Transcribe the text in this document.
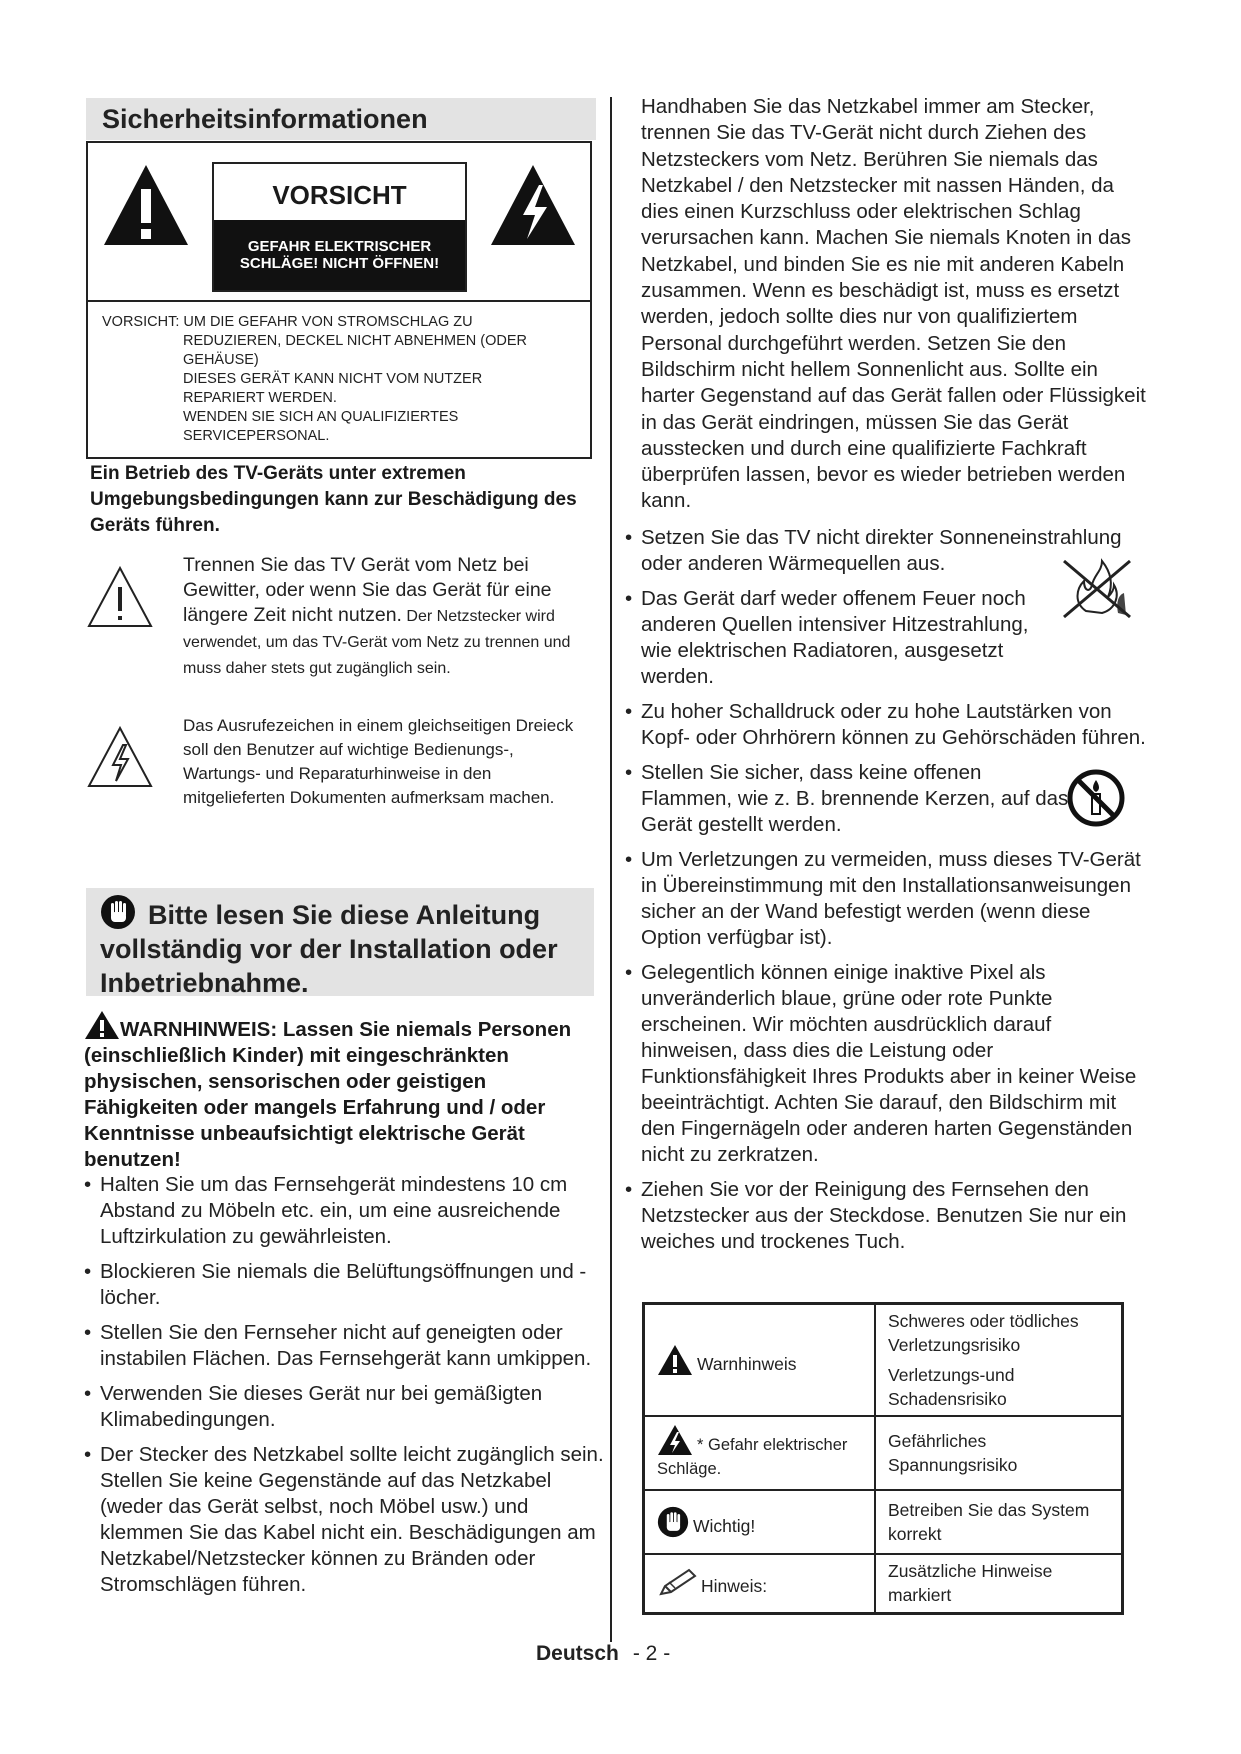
Sicherheitsinformationen
VORSICHT
GEFAHR ELEKTRISCHER
SCHLÄGE! NICHT ÖFFNEN!
VORSICHT: UM DIE GEFAHR VON STROMSCHLAG ZU
REDUZIEREN, DECKEL NICHT ABNEHMEN (ODER
GEHÄUSE)
DIESES GERÄT KANN NICHT VOM NUTZER
REPARIERT WERDEN.
WENDEN SIE SICH AN QUALIFIZIERTES
SERVICEPERSONAL.
Ein Betrieb des TV-Geräts unter extremen Umgebungsbedingungen kann zur Beschädigung des Geräts führen.
Trennen Sie das TV Gerät vom Netz bei Gewitter, oder wenn Sie das Gerät für eine längere Zeit nicht nutzen. Der Netzstecker wird verwendet, um das TV-Gerät vom Netz zu trennen und muss daher stets gut zugänglich sein.
Das Ausrufezeichen in einem gleichseitigen Dreieck soll den Benutzer auf wichtige Bedienungs-, Wartungs- und Reparaturhinweise in den mitgelieferten Dokumenten aufmerksam machen.
Bitte lesen Sie diese Anleitung vollständig vor der Installation oder Inbetriebnahme.
WARNHINWEIS: Lassen Sie niemals Personen (einschließlich Kinder) mit eingeschränkten physischen, sensorischen oder geistigen Fähigkeiten oder mangels Erfahrung und / oder Kenntnisse unbeaufsichtigt elektrische Gerät benutzen!
• Halten Sie um das Fernsehgerät mindestens 10 cm Abstand zu Möbeln etc. ein, um eine ausreichende Luftzirkulation zu gewährleisten.
• Blockieren Sie niemals die Belüftungsöffnungen und -löcher.
• Stellen Sie den Fernseher nicht auf geneigten oder instabilen Flächen. Das Fernsehgerät kann umkippen.
• Verwenden Sie dieses Gerät nur bei gemäßigten Klimabedingungen.
• Der Stecker des Netzkabel sollte leicht zugänglich sein. Stellen Sie keine Gegenstände auf das Netzkabel (weder das Gerät selbst, noch Möbel usw.) und klemmen Sie das Kabel nicht ein. Beschädigungen am Netzkabel/Netzstecker können zu Bränden oder Stromschlägen führen.
Handhaben Sie das Netzkabel immer am Stecker, trennen Sie das TV-Gerät nicht durch Ziehen des Netzsteckers vom Netz. Berühren Sie niemals das Netzkabel / den Netzstecker mit nassen Händen, da dies einen Kurzschluss oder elektrischen Schlag verursachen kann. Machen Sie niemals Knoten in das Netzkabel, und binden Sie es nie mit anderen Kabeln zusammen. Wenn es beschädigt ist, muss es ersetzt werden, jedoch sollte dies nur von qualifiziertem Personal durchgeführt werden. Setzen Sie den Bildschirm nicht hellem Sonnenlicht aus. Sollte ein harter Gegenstand auf das Gerät fallen oder Flüssigkeit in das Gerät eindringen, müssen Sie das Gerät ausstecken und durch eine qualifizierte Fachkraft überprüfen lassen, bevor es wieder betrieben werden kann.
• Setzen Sie das TV nicht direkter Sonneneinstrahlung oder anderen Wärmequellen aus.
• Das Gerät darf weder offenem Feuer noch anderen Quellen intensiver Hitzestrahlung, wie elektrischen Radiatoren, ausgesetzt werden.
• Zu hoher Schalldruck oder zu hohe Lautstärken von Kopf- oder Ohrhörern können zu Gehörschäden führen.
• Stellen Sie sicher, dass keine offenen Flammen, wie z. B. brennende Kerzen, auf das Gerät gestellt werden.
• Um Verletzungen zu vermeiden, muss dieses TV-Gerät in Übereinstimmung mit den Installationsanweisungen sicher an der Wand befestigt werden (wenn diese Option verfügbar ist).
• Gelegentlich können einige inaktive Pixel als unveränderlich blaue, grüne oder rote Punkte erscheinen. Wir möchten ausdrücklich darauf hinweisen, dass dies die Leistung oder Funktionsfähigkeit Ihres Produkts aber in keiner Weise beeinträchtigt. Achten Sie darauf, den Bildschirm mit den Fingernägeln oder anderen harten Gegenständen nicht zu zerkratzen.
• Ziehen Sie vor der Reinigung des Fernsehen den Netzstecker aus der Steckdose. Benutzen Sie nur ein weiches und trockenes Tuch.
Warnhinweis	Schweres oder tödliches Verletzungsrisiko
Verletzungs-und Schadensrisiko

* Gefahr elektrischer Schläge.	Gefährliches Spannungsrisiko
Wichtig!	Betreiben Sie das System korrekt
Hinweis:	Zusätzliche Hinweise markiert
Deutsch - 2 -
